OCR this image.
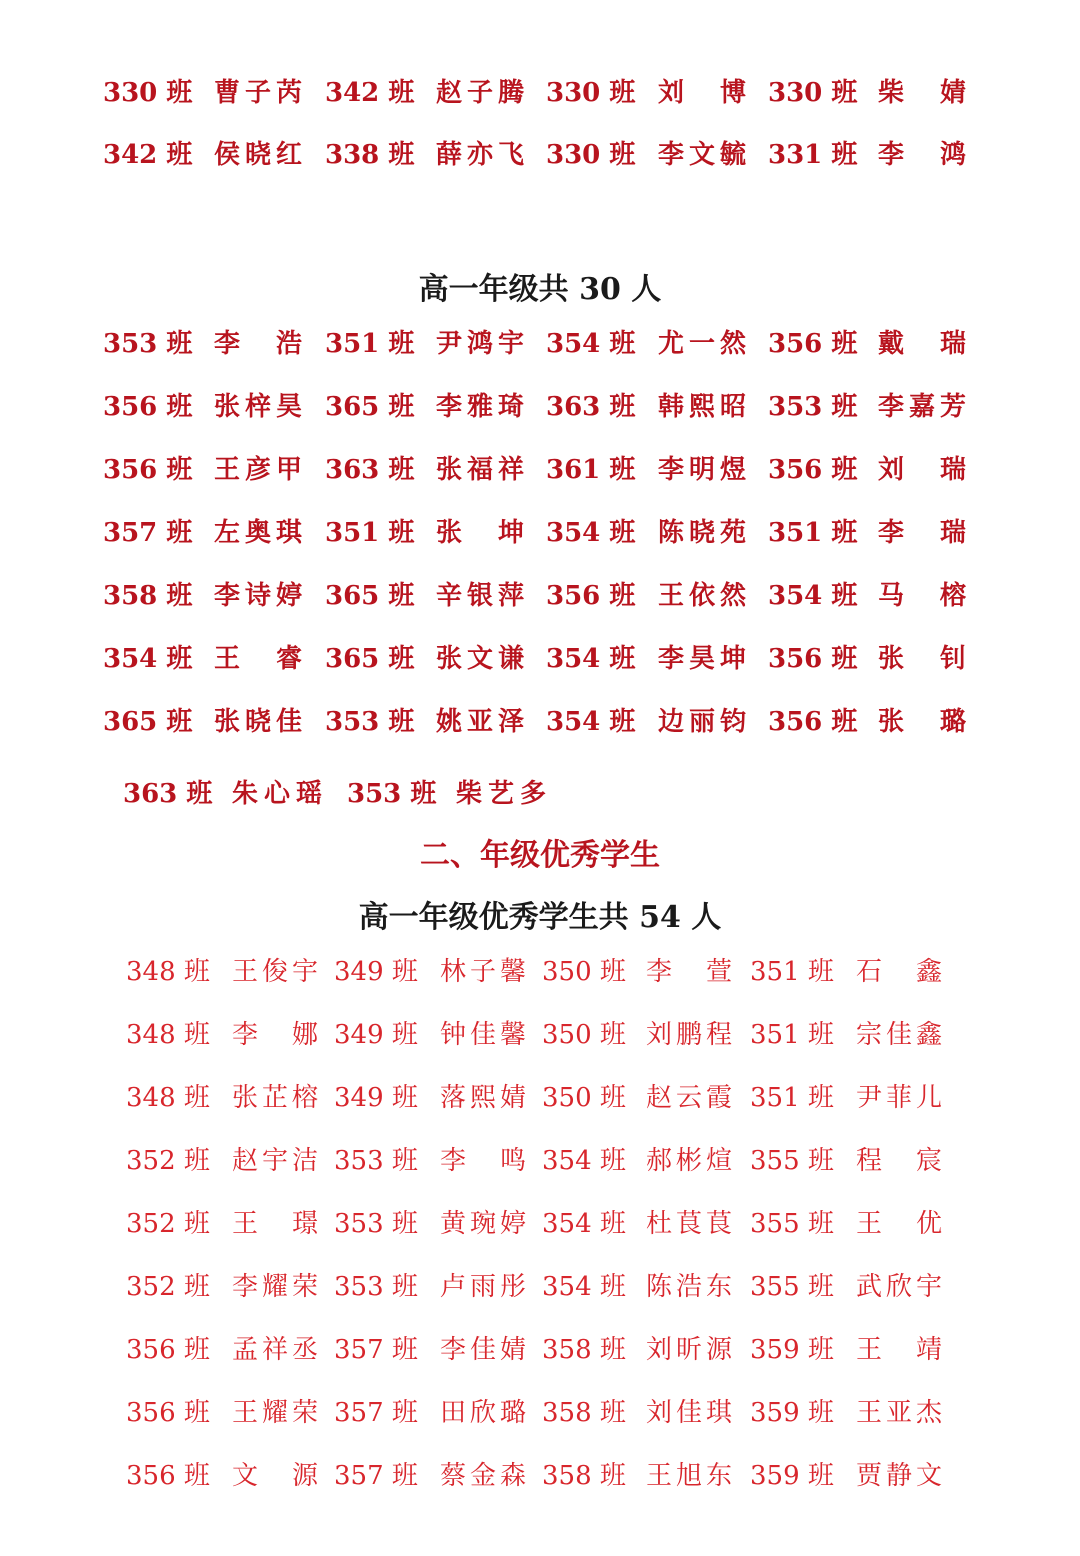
330 班 曹 子 芮 342 班 赵 子 腾 330 班 刘 博 330 班 柴 婧
342 班 侯 晓 红 338 班 薛 亦 飞 330 班 李 文 毓 331 班 李 鸿
高一年级共 30 人
353 班 李 浩 351 班 尹 鸿 宇 354 班 尤 一 然 356 班 戴 瑞
356 班 张 梓 昊 365 班 李 雅 琦 363 班 韩 熙 昭 353 班 李 嘉 芳
356 班 王 彦 甲 363 班 张 福 祥 361 班 李 明 煜 356 班 刘 瑞
357 班 左 奥 琪 351 班 张 坤 354 班 陈 晓 苑 351 班 李 瑞
358 班 李 诗 婷 365 班 辛 银 萍 356 班 王 依 然 354 班 马 榕
354 班 王 睿 365 班 张 文 谦 354 班 李 昊 坤 356 班 张 钊
365 班 张 晓 佳 353 班 姚 亚 泽 354 班 边 丽 钧 356 班 张 璐
363 班 朱 心 瑶 353 班 柴 艺 多
二、年级优秀学生
高一年级优秀学生共 54 人
348 班 王 俊 宇 349 班 林 子 馨 350 班 李 萱 351 班 石 鑫
348 班 李 娜 349 班 钟 佳 馨 350 班 刘 鹏 程 351 班 宗 佳 鑫
348 班 张 芷 榕 349 班 落 熙 婧 350 班 赵 云 霞 351 班 尹 菲 儿
352 班 赵 宇 洁 353 班 李 鸣 354 班 郝 彬 煊 355 班 程 宸
352 班 王 璟 353 班 黄 琬 婷 354 班 杜 茛 茛 355 班 王 优
352 班 李 耀 荣 353 班 卢 雨 彤 354 班 陈 浩 东 355 班 武 欣 宇
356 班 孟 祥 丞 357 班 李 佳 婧 358 班 刘 昕 源 359 班 王 靖
356 班 王 耀 荣 357 班 田 欣 璐 358 班 刘 佳 琪 359 班 王 亚 杰
356 班 文 源 357 班 蔡 金 森 358 班 王 旭 东 359 班 贾 静 文
